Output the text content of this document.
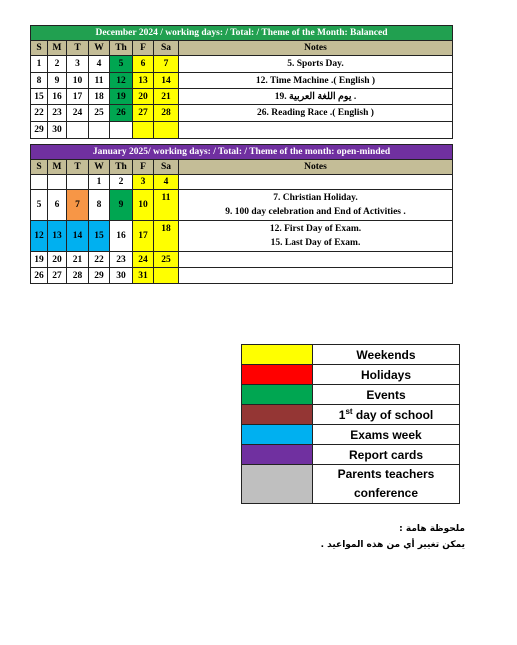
December 2024 / working days: / Total: / Theme of the Month: Balanced							
S	M	T	W	Th	F	Sa	Notes
1	2	3	4	5	6	7	5. Sports Day.
8	9	10	11	12	13	14	12. Time Machine .( English )
15	16	17	18	19	20	21	19. يوم اللغة العربية .
22	23	24	25	26	27	28	26. Reading Race .( English )
29	30						
January 2025/ working days: / Total: / Theme of the month: open-minded							
S	M	T	W	Th	F	Sa	Notes
			1	2	3	4	
5	6	7	8	9	10	11	7. Christian Holiday.
9. 100 day celebration and End of Activities .

12	13	14	15	16	17	18	12. First Day of Exam.
15. Last Day of Exam.

19	20	21	22	23	24	25	
26	27	28	29	30	31		
	Weekends
	Holidays
	Events
	1st day of school
	Exams week
	Report cards
	Parents teachers conference
ملحوظة هامة :
يمكن تغيير أي من هذه المواعيد .
